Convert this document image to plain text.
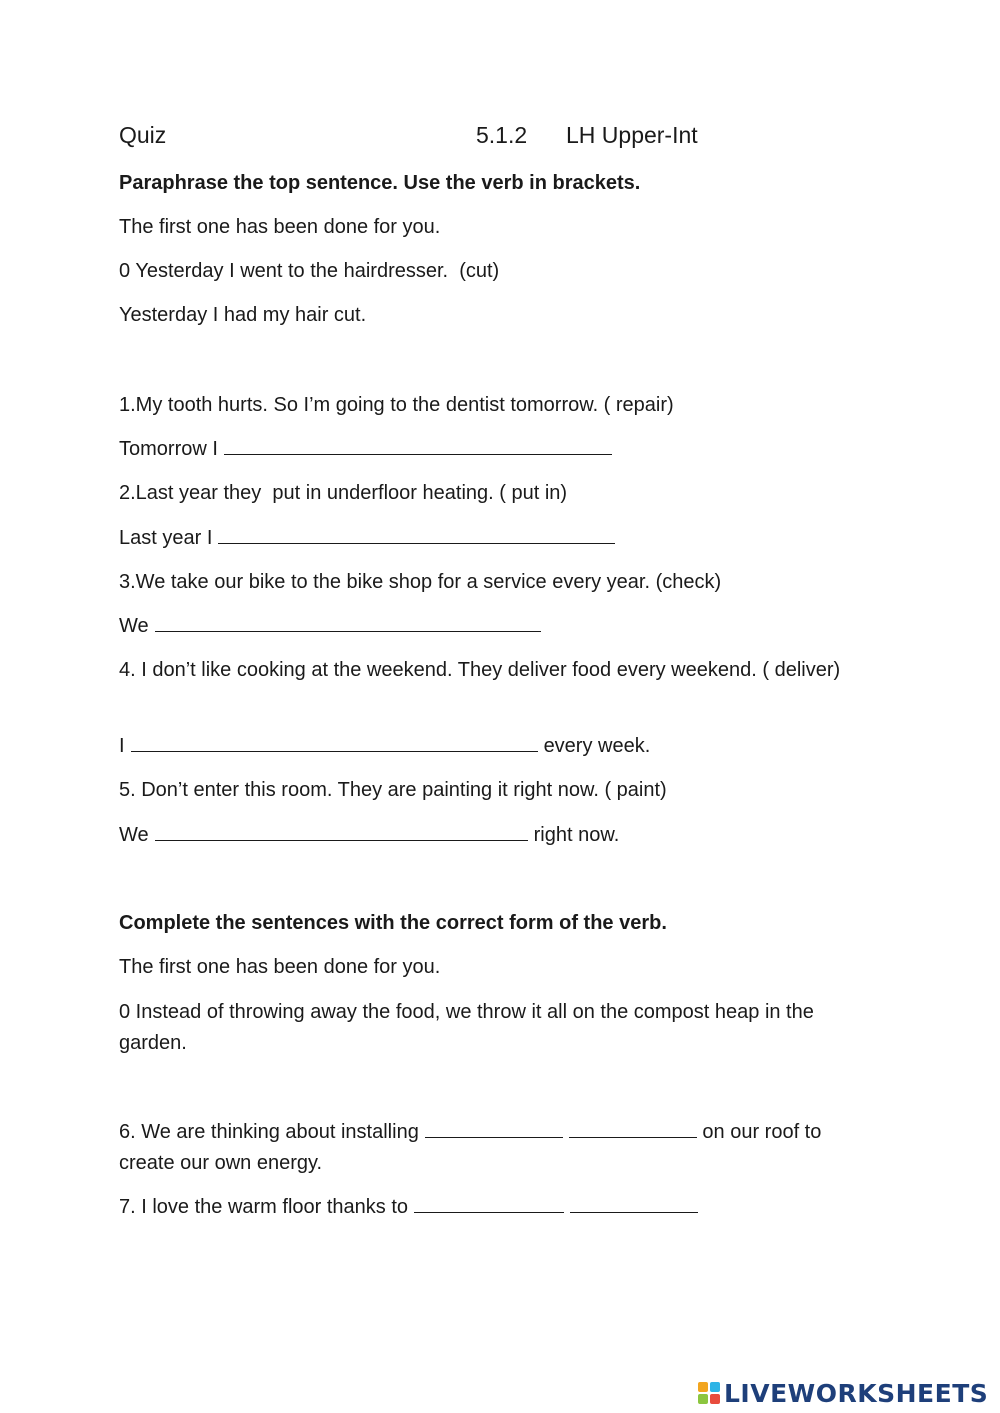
Quiz	5.1.2 LH Upper-Int
Paraphrase the top sentence. Use the verb in brackets.
The first one has been done for you.
0 Yesterday I went to the hairdresser.  (cut)
Yesterday I had my hair cut.
1.My tooth hurts. So I’m going to the dentist tomorrow. ( repair)
Tomorrow I
2.Last year they  put in underfloor heating. ( put in)
Last year I
3.We take our bike to the bike shop for a service every year. (check)
We
4. I don’t like cooking at the weekend. They deliver food every weekend. ( deliver)
I	every week.
5. Don’t enter this room. They are painting it right now. ( paint)
We	right now.
Complete the sentences with the correct form of the verb.
The first one has been done for you.
0 Instead of throwing away the food, we throw it all on the compost heap in the garden.
6. We are thinking about installing	on our roof to create our own energy.
7. I love the warm floor thanks to
LIVEWORKSHEETS
